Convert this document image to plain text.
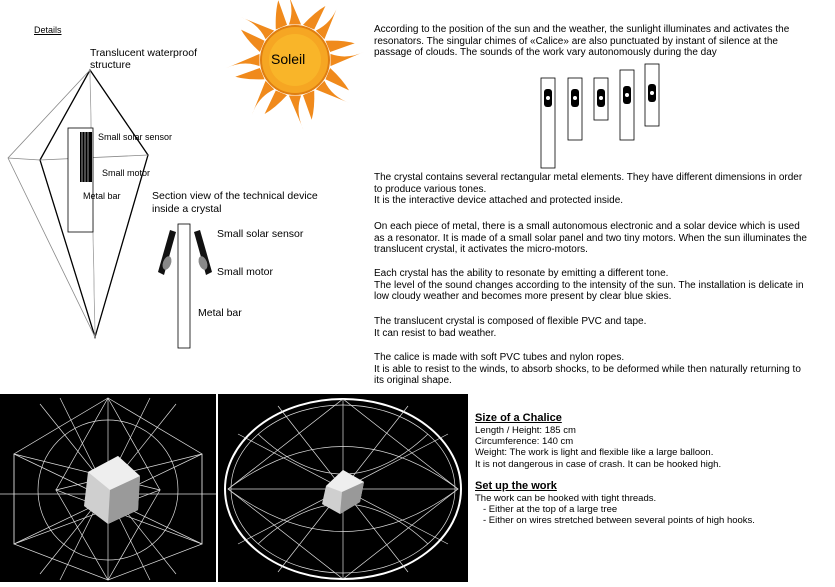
Details
Translucent waterproof structure
Small solar sensor
Small motor
Metal bar	Section view of the technical device inside a crystal
Small solar sensor
Small motor
Metal bar
Soleil
According to the position of the sun and the weather, the sunlight illuminates and activates the resonators. The singular chimes of «Calice» are also punctuated by instant of silence at the passage of clouds. The sounds of the work vary autonomously during the day
The crystal contains several rectangular metal elements. They have different dimensions in order to produce various tones.
It is the interactive device attached and protected inside.
On each piece of metal, there is a small autonomous electronic and a solar device which is used as a resonator. It is made of a small solar panel and two tiny motors. When the sun illuminates the translucent crystal, it activates the micro-motors.
Each crystal has the ability to resonate by emitting a different tone.
The level of the sound changes according to the intensity of the sun. The installation is delicate in low cloudy weather and becomes more present by clear blue skies.
The translucent crystal is composed of flexible PVC and tape.
It can resist to bad weather.
The calice is made with soft PVC tubes and nylon ropes.
It is able to resist to the winds, to absorb shocks, to be deformed while then naturally returning to its original shape.
Size of a Chalice
Length / Height: 185 cm
Circumference: 140 cm
Weight: The work is light and flexible like a large balloon.
It is not dangerous in case of crash. It can be hooked high.
Set up the work
The work can be hooked with tight threads.
- Either at the top of a large tree
- Either on wires stretched between several points of high hooks.
